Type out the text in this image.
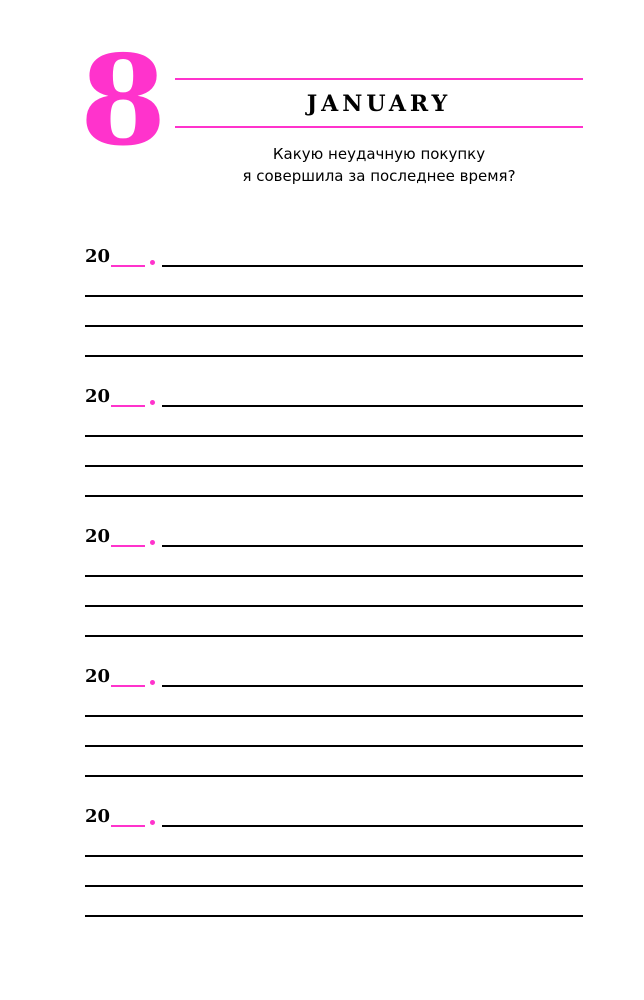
8	JANUARY
Какую неудачную покупку
я совершила за последнее время?
20
20
20
20
20
